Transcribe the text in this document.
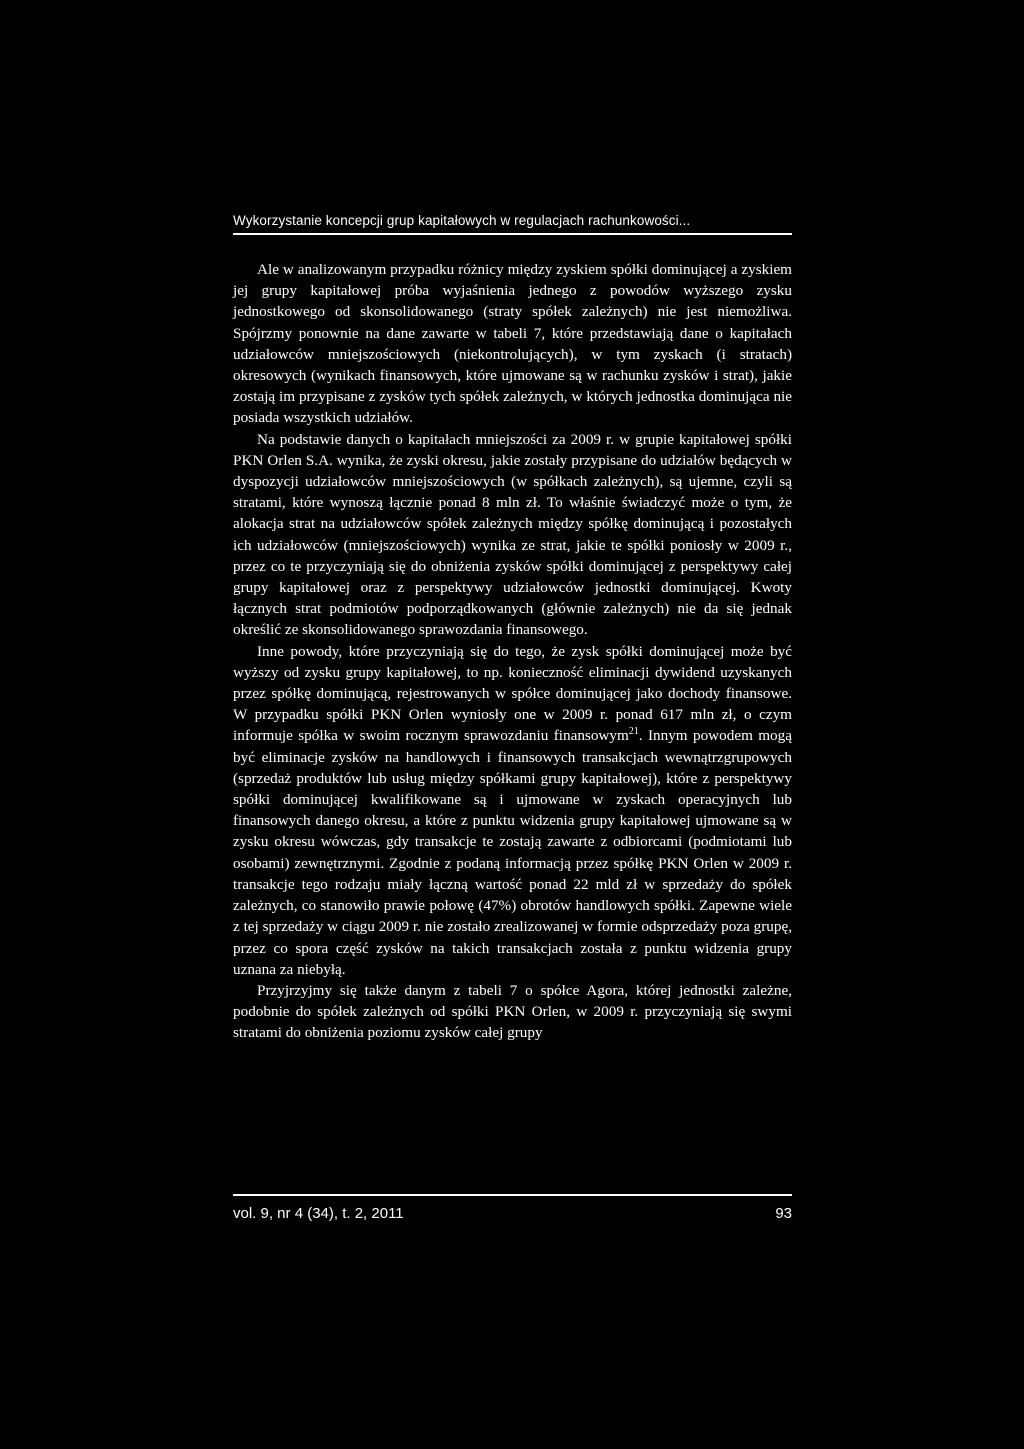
Wykorzystanie koncepcji grup kapitałowych w regulacjach rachunkowości...

Ale w analizowanym przypadku różnicy między zyskiem spółki dominującej a zyskiem jej grupy kapitałowej próba wyjaśnienia jednego z powodów wyższego zysku jednostkowego od skonsolidowanego (straty spółek zależnych) nie jest niemożliwa. Spójrzmy ponownie na dane zawarte w tabeli 7, które przedstawiają dane o kapitałach udziałowców mniejszościowych (niekontrolujących), w tym zyskach (i stratach) okresowych (wynikach finansowych, które ujmowane są w rachunku zysków i strat), jakie zostają im przypisane z zysków tych spółek zależnych, w których jednostka dominująca nie posiada wszystkich udziałów.

Na podstawie danych o kapitałach mniejszości za 2009 r. w grupie kapitałowej spółki PKN Orlen S.A. wynika, że zyski okresu, jakie zostały przypisane do udziałów będących w dyspozycji udziałowców mniejszościowych (w spółkach zależnych), są ujemne, czyli są stratami, które wynoszą łącznie ponad 8 mln zł. To właśnie świadczyć może o tym, że alokacja strat na udziałowców spółek zależnych między spółkę dominującą i pozostałych ich udziałowców (mniejszościowych) wynika ze strat, jakie te spółki poniosły w 2009 r., przez co te przyczyniają się do obniżenia zysków spółki dominującej z perspektywy całej grupy kapitałowej oraz z perspektywy udziałowców jednostki dominującej. Kwoty łącznych strat podmiotów podporządkowanych (głównie zależnych) nie da się jednak określić ze skonsolidowanego sprawozdania finansowego.

Inne powody, które przyczyniają się do tego, że zysk spółki dominującej może być wyższy od zysku grupy kapitałowej, to np. konieczność eliminacji dywidend uzyskanych przez spółkę dominującą, rejestrowanych w spółce dominującej jako dochody finansowe. W przypadku spółki PKN Orlen wyniosły one w 2009 r. ponad 617 mln zł, o czym informuje spółka w swoim rocznym sprawozdaniu finansowym$^{21}$. Innym powodem mogą być eliminacje zysków na handlowych i finansowych transakcjach wewnątrzgrupowych (sprzedaż produktów lub usług między spółkami grupy kapitałowej), które z perspektywy spółki dominującej kwalifikowane są i ujmowane w zyskach operacyjnych lub finansowych danego okresu, a które z punktu widzenia grupy kapitałowej ujmowane są w zysku okresu wówczas, gdy transakcje te zostają zawarte z odbiorcami (podmiotami lub osobami) zewnętrznymi. Zgodnie z podaną informacją przez spółkę PKN Orlen w 2009 r. transakcje tego rodzaju miały łączną wartość ponad 22 mld zł w sprzedaży do spółek zależnych, co stanowiło prawie połowę (47%) obrotów handlowych spółki. Zapewne wiele z tej sprzedaży w ciągu 2009 r. nie zostało zrealizowanej w formie odsprzedaży poza grupę, przez co spora część zysków na takich transakcjach została z punktu widzenia grupy uznana za niebyłą.

Przyjrzyjmy się także danym z tabeli 7 o spółce Agora, której jednostki zależne, podobnie do spółek zależnych od spółki PKN Orlen, w 2009 r. przyczyniają się swymi stratami do obniżenia poziomu zysków całej grupy

vol. 9, nr 4 (34), t. 2, 2011	93
